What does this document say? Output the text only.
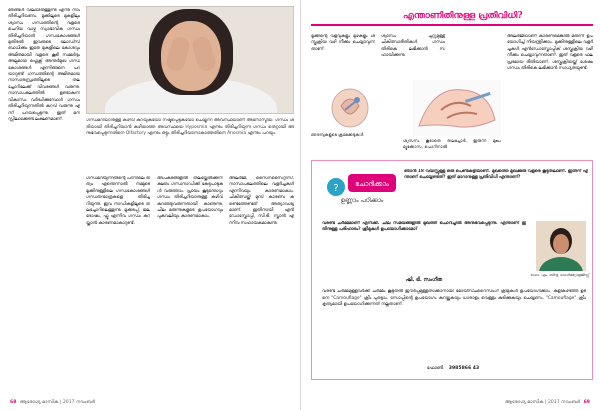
ഞങ്ങൾ വിലയിരുത്തുന്നു എന്നു നാം തിരിച്ചറിയണം. മൂക്കിലൂടെ മുകളിലും ശ്വാസം ഗന്ധത്തിന്റെ വളരെ ചെറിയ വാഴ്ച സ്വാഭാവിക ഗന്ധം തിരിച്ചറിയാൻ ഗന്ധകോശങ്ങൾ മുതിരൽ ഇവരുടെ ലോഡ്സ് ബാധിക്കും ഇതേ മുകളിലെ കോശവും അമിതമായി വളരെ കൂടി സമ്മർദ്ദം അല്പമായ ഫ്ലെക്സ് അന്തർമുഖ ഗന്ധകോശങ്ങൾ എന്നിങ്ങനെ പറയാറുണ്ട് ഗന്ധത്തിന്റെ അമിതമായ നാസാരന്ധ്രത്തിലൂടെ തലച്ചോറിലേക്ക് വിവരങ്ങൾ വരുന്നു. നാസാപടലത്തിൽ ഉണ്ടാകുന്ന വികാസം വർദ്ധിക്കുമ്പോൾ ഗന്ധം തിരിച്ചറിയുന്നതിൽ കുറവ് വരുന്നു എന്ന് പറയപ്പെടുന്നു. ഇത് മനസ്സിലാക്കേണ്ട ലക്ഷണമാണ്.	ഗന്ധമറിയാനുള്ള കഴിവ് കുറയുകയോ നഷ്ടപ്പെടുകയോ ചെയ്യുന്ന അവസ്ഥയാണ് അനോസ്മിയ. ഗന്ധം ശരിയായി തിരിച്ചറിയാൻ കഴിയാത്ത അവസ്ഥയെ Hyposmia എന്നും തിരിച്ചറിയുന്ന ഗന്ധം തെറ്റായി അനുഭവപ്പെടുന്നതിനെ Olfactory എന്നും ഒട്ടും തിരിച്ചറിയാനാകാത്തതിനെ Anosmia എന്നും പറയും.
ഗന്ധമറിയുന്നതിന്റെ പിന്നിലെ തത്വം എന്തെന്നാൽ നമ്മുടെ മൂക്കിനുള്ളിലെ ഗന്ധകോശങ്ങൾ ഗന്ധതന്മാത്രകളെ തിരിച്ചറിയുന്നു. ഇവ നാഡികളിലൂടെ തലച്ചോറിലെത്തുന്നു. മൂക്കടപ്പ്, ജലദോഷം, ഫ്ലൂ എന്നിവ ഗന്ധം കുറയ്ക്കാൻ കാരണമാകാറുണ്ട്.
അപകടങ്ങളിൽ തലയ്ക്കേൽക്കുന്ന ക്ഷതം ഗന്ധനാഡിക്ക് കേടുപാടുകൾ വരുത്താം. പ്രായം കൂടുന്തോറും ഗന്ധം തിരിച്ചറിയാനുള്ള കഴിവ് കുറഞ്ഞുവരുന്നതായി കാണുന്നു. ചില മരുന്നുകളുടെ ഉപയോഗവും പുകവലിയും കാരണമാകാം.
അലർജി, സൈനസൈറ്റിസ്, നാസാപടലത്തിലെ വളർച്ചകൾ എന്നിവയും കാരണമാകാം. ചികിത്സയ്ക്ക് മുമ്പ് കാരണം കണ്ടെത്തേണ്ടത് അത്യാവശ്യമാണ്. ഇതിനായി എൻഡോസ്കോപ്പി, സി.ടി. സ്കാൻ എന്നിവ സഹായകമാകുന്നു.
68 ആരോഗ്യ മാസിക | 2017 നവംബർ
എന്താണിതിനുള്ള പ്രതിവിധി?
മൂക്കിന്റെ വളവുകളും മുഴകളും ശസ്ത്രക്രിയ വഴി നീക്കം ചെയ്യാവുന്നതാണ്.
ശ്വാസം ചുറ്റുമുള്ള ചികിത്സാരീതികൾ ഗന്ധം തിരികെ ലഭിക്കാൻ സഹായിക്കുന്നു.
അലർജിയാണ് കാരണമെങ്കിൽ മരുന്ന് ഉപയോഗിച്ച് നിയന്ത്രിക്കാം. മൂക്കിനുള്ളിലെ വളർച്ചകൾ എൻഡോസ്കോപ്പിക് ശസ്ത്രക്രിയ വഴി നീക്കം ചെയ്യാവുന്നതാണ്. ഇത് വളരെ ഫലപ്രദമായ രീതിയാണ്. ശസ്ത്രക്രിയയ്ക്ക് ശേഷം ഗന്ധം തിരികെ ലഭിക്കാൻ സാധ്യതയുണ്ട്.
ഞരമ്പുകളുടെ ക്രമക്കേടുകൾ
ശ്വസനം കൂടാതെ തലച്ചോർ, ഇരുന്ന മുഖം മ്യൂക്കോസ, പൊറിനാൽ
ചോദിക്കാം
?
ഉണ്ണാം പഠിക്കാം
ഞാൻ 18 വയസ്സുള്ള ഒരു പെൺകുട്ടിയാണ്. മുഖത്തെ മുഖക്കുരു വളരെ കൂടുതലാണ്. ഇതിന് എന്താണ് ചെയ്യേണ്ടത്? ഇത് മാറാനുള്ള പ്രതിവിധി എന്താണ്?
വരണ്ട ചർമ്മമാണ് എനിക്ക്. ചില സമയങ്ങളിൽ മുഖത്ത് ചൊറിച്ചിൽ അനുഭവപ്പെടുന്നു. എന്താണ് ഇതിനുള്ള പരിഹാരം? ക്രീമുകൾ ഉപയോഗിക്കാമോ?
ഷി. ടി. സംഗീത
ഡോ. എം. ബിന്ദു, ഡെർമറ്റോളജിസ്റ്റ്
വരണ്ട ചർമ്മമുള്ളവർക്ക് ചർമ്മം കൂടുതൽ ഈർപ്പമുള്ളതാക്കാനായി മോയ്സ്ചറൈസിംഗ് ക്രീമുകൾ ഉപയോഗിക്കാം. കുളികഴിഞ്ഞ ഉടനെ "Camouflage" ക്രീം പുരട്ടാം. സോപ്പിന്റെ ഉപയോഗം കുറയ്ക്കുകയും ധാരാളം വെള്ളം കുടിക്കുകയും ചെയ്യണം. "Camouflage" ക്രീം കൃത്യമായി ഉപയോഗിക്കുന്നത് നല്ലതാണ്.
ഫോൺ 3985866 43
ആരോഗ്യ മാസിക | 2017 നവംബർ 69
